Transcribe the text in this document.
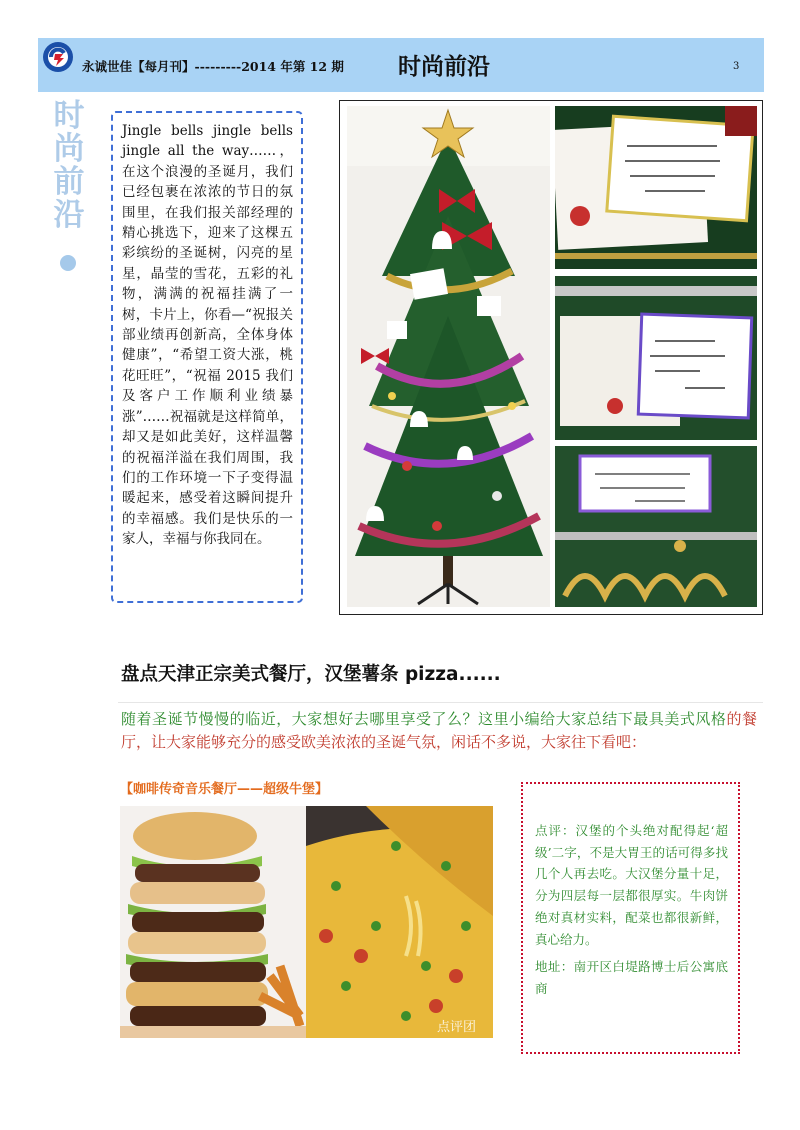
永诚世佳【每月刊】---------2014 年第 12 期 时尚前沿	3
时
尚
前
沿

Jingle bells jingle bells jingle all the way……，在这个浪漫的圣诞月，我们已经包裹在浓浓的节日的氛围里，在我们报关部经理的精心挑选下，迎来了这棵五彩缤纷的圣诞树，闪亮的星星，晶莹的雪花，五彩的礼物，满满的祝福挂满了一树，卡片上，你看—“祝报关部业绩再创新高，全体身体健康”，“希望工资大涨，桃花旺旺”，“祝福 2015 我们及客户工作顺利业绩暴涨”……祝福就是这样简单，却又是如此美好，这样温馨的祝福洋溢在我们周围，我们的工作环境一下子变得温暖起来，感受着这瞬间提升的幸福感。我们是快乐的一家人，幸福与你我同在。

盘点天津正宗美式餐厅，汉堡薯条 pizza......

随着圣诞节慢慢的临近，大家想好去哪里享受了么？这里小编给大家总结下最具美式风格的餐厅，让大家能够充分的感受欧美浓浓的圣诞气氛，闲话不多说，大家往下看吧：

【咖啡传奇音乐餐厅——超级牛堡】
点评团

点评：汉堡的个头绝对配得起‘超级’二字，不是大胃王的话可得多找几个人再去吃。大汉堡分量十足，分为四层每一层都很厚实。牛肉饼绝对真材实料，配菜也都很新鲜，真心给力。

地址：南开区白堤路博士后公寓底商
